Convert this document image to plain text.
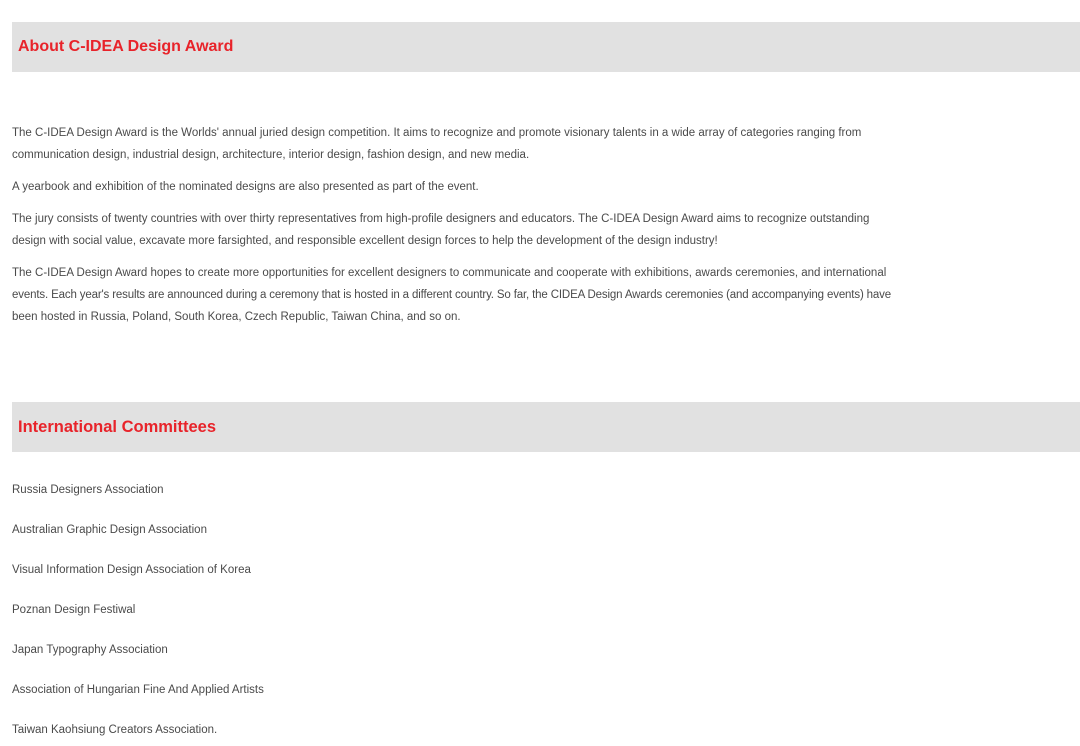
About C-IDEA Design Award

The C-IDEA Design Award is the Worlds' annual juried design competition. It aims to recognize and promote visionary talents in a wide array of categories ranging from
communication design, industrial design, architecture, interior design, fashion design, and new media.

A yearbook and exhibition of the nominated designs are also presented as part of the event.

The jury consists of twenty countries with over thirty representatives from high-profile designers and educators. The C-IDEA Design Award aims to recognize outstanding
design with social value, excavate more farsighted, and responsible excellent design forces to help the development of the design industry!

The C-IDEA Design Award hopes to create more opportunities for excellent designers to communicate and cooperate with exhibitions, awards ceremonies, and international
events. Each year's results are announced during a ceremony that is hosted in a different country. So far, the CIDEA Design Awards ceremonies (and accompanying events) have
been hosted in Russia, Poland, South Korea, Czech Republic, Taiwan China, and so on.

International Committees
Russia Designers Association
Australian Graphic Design Association
Visual Information Design Association of Korea
Poznan Design Festiwal
Japan Typography Association
Association of Hungarian Fine And Applied Artists
Taiwan Kaohsiung Creators Association.
